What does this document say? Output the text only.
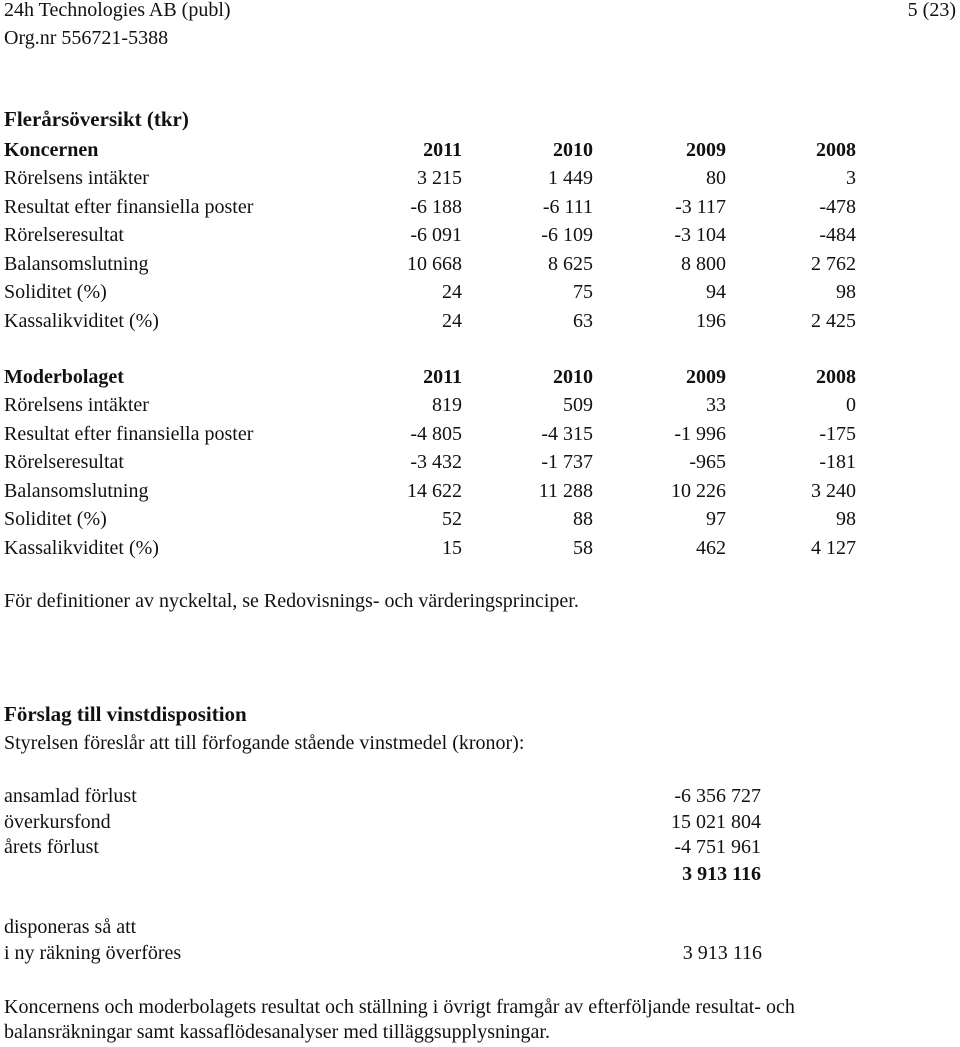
24h Technologies AB (publ)
Org.nr 556721-5388
5 (23)
Flerårsöversikt (tkr)
Koncernen	2011	2010	2009	2008
Rörelsens intäkter	3 215	1 449	80	3
Resultat efter finansiella poster	-6 188	-6 111	-3 117	-478
Rörelseresultat	-6 091	-6 109	-3 104	-484
Balansomslutning	10 668	8 625	8 800	2 762
Soliditet (%)	24	75	94	98
Kassalikviditet (%)	24	63	196	2 425
Moderbolaget	2011	2010	2009	2008
Rörelsens intäkter	819	509	33	0
Resultat efter finansiella poster	-4 805	-4 315	-1 996	-175
Rörelseresultat	-3 432	-1 737	-965	-181
Balansomslutning	14 622	11 288	10 226	3 240
Soliditet (%)	52	88	97	98
Kassalikviditet (%)	15	58	462	4 127
För definitioner av nyckeltal, se Redovisnings- och värderingsprinciper.
Förslag till vinstdisposition
Styrelsen föreslår att till förfogande stående vinstmedel (kronor):
ansamlad förlust	-6 356 727
överkursfond	15 021 804
årets förlust	-4 751 961
3 913 116
disponeras så att
i ny räkning överföres	3 913 116
Koncernens och moderbolagets resultat och ställning i övrigt framgår av efterföljande resultat- och
balansräkningar samt kassaflödesanalyser med tilläggsupplysningar.
